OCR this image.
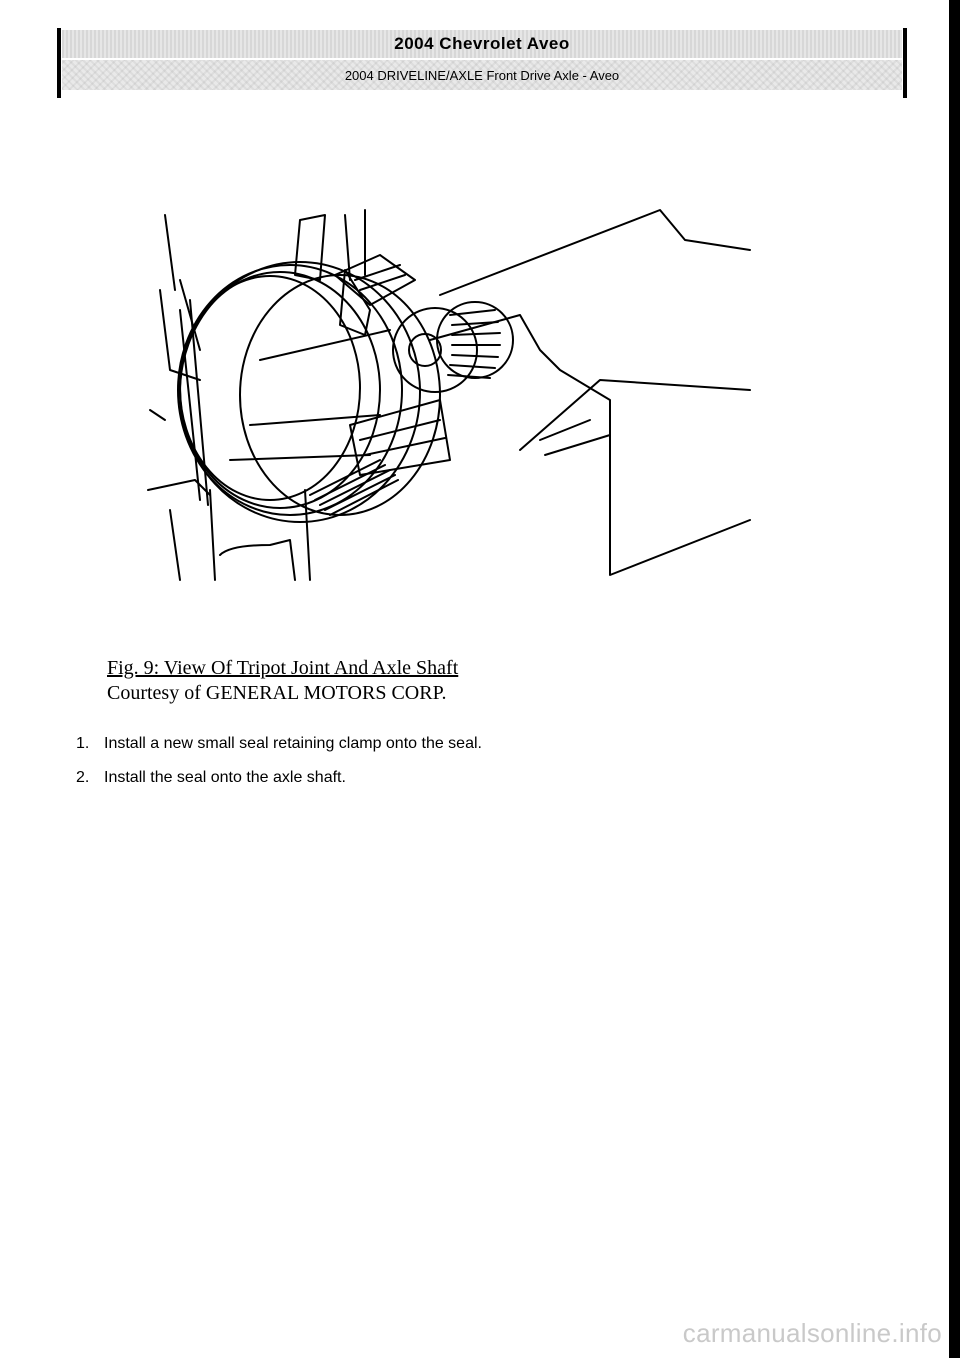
2004 Chevrolet Aveo
2004 DRIVELINE/AXLE Front Drive Axle - Aveo
Fig. 9: View Of Tripot Joint And Axle Shaft
Courtesy of GENERAL MOTORS CORP.
1. Install a new small seal retaining clamp onto the seal.
2. Install the seal onto the axle shaft.
carmanualsonline.info
